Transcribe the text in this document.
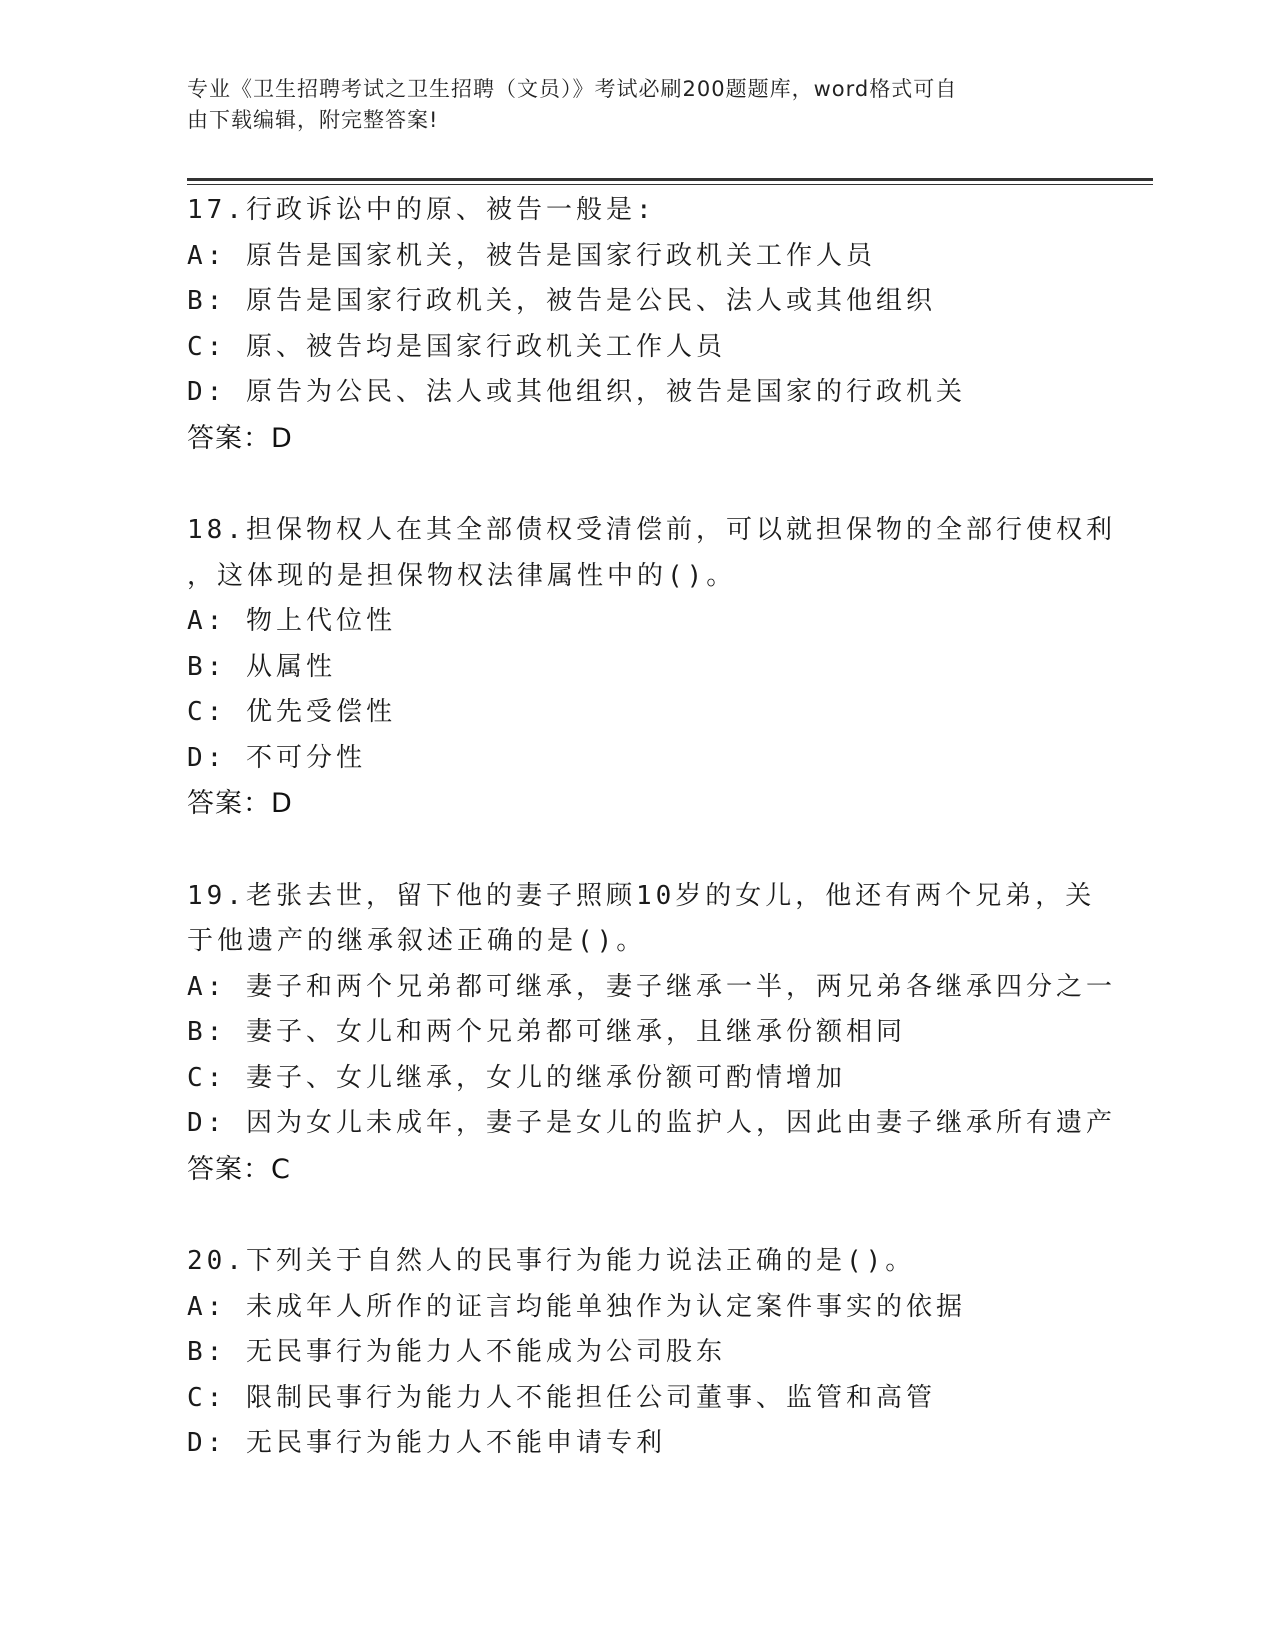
专业《卫生招聘考试之卫生招聘（文员）》考试必刷200题题库，word格式可自
由下载编辑，附完整答案!
17.行政诉讼中的原、被告一般是:
A: 原告是国家机关，被告是国家行政机关工作人员
B: 原告是国家行政机关，被告是公民、法人或其他组织
C: 原、被告均是国家行政机关工作人员
D: 原告为公民、法人或其他组织，被告是国家的行政机关
答案：D
18.担保物权人在其全部债权受清偿前，可以就担保物的全部行使权利
，这体现的是担保物权法律属性中的()。
A: 物上代位性
B: 从属性
C: 优先受偿性
D: 不可分性
答案：D
19.老张去世，留下他的妻子照顾10岁的女儿，他还有两个兄弟，关
于他遗产的继承叙述正确的是()。
A: 妻子和两个兄弟都可继承，妻子继承一半，两兄弟各继承四分之一
B: 妻子、女儿和两个兄弟都可继承，且继承份额相同
C: 妻子、女儿继承，女儿的继承份额可酌情增加
D: 因为女儿未成年，妻子是女儿的监护人，因此由妻子继承所有遗产
答案：C
20.下列关于自然人的民事行为能力说法正确的是()。
A: 未成年人所作的证言均能单独作为认定案件事实的依据
B: 无民事行为能力人不能成为公司股东
C: 限制民事行为能力人不能担任公司董事、监管和高管
D: 无民事行为能力人不能申请专利
